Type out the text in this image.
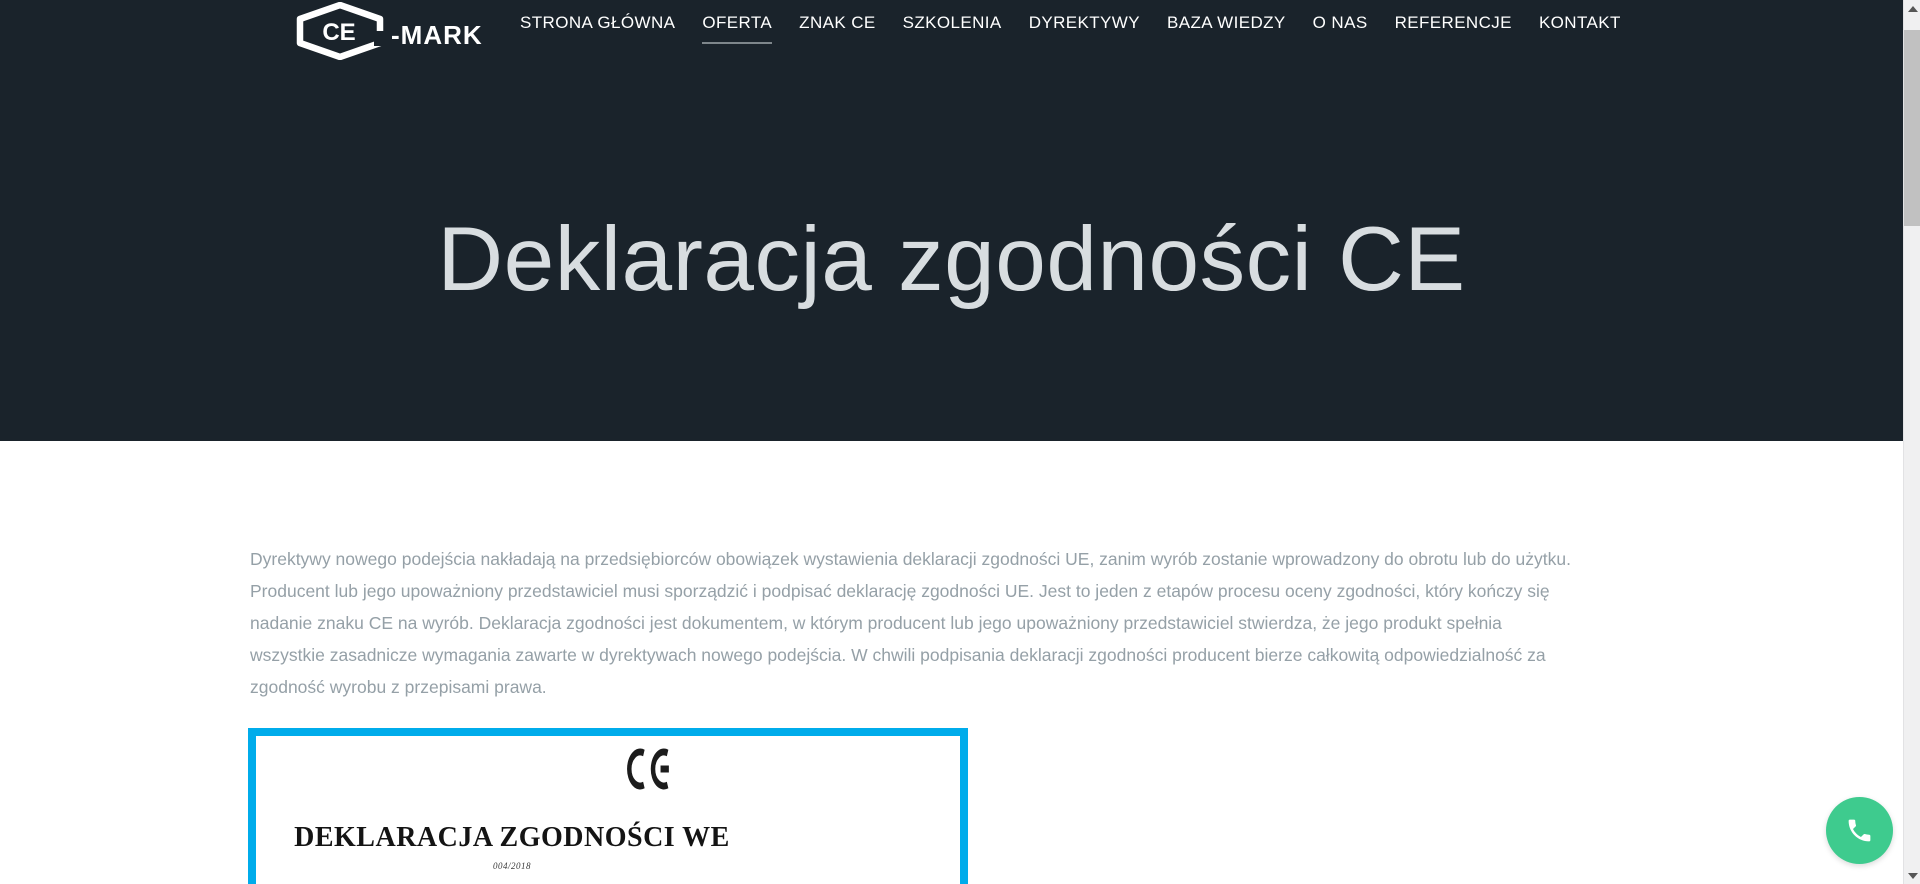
CE -MARK STRONA GŁÓWNA OFERTA ZNAK CE SZKOLENIA DYREKTYWY BAZA WIEDZY O NAS REFERENCJE KONTAKT
Deklaracja zgodności CE
Dyrektywy nowego podejścia nakładają na przedsiębiorców obowiązek wystawienia deklaracji zgodności UE, zanim wyrób zostanie wprowadzony do obrotu lub do użytku.
Producent lub jego upoważniony przedstawiciel musi sporządzić i podpisać deklarację zgodności UE. Jest to jeden z etapów procesu oceny zgodności, który kończy się
nadanie znaku CE na wyrób. Deklaracja zgodności jest dokumentem, w którym producent lub jego upoważniony przedstawiciel stwierdza, że jego produkt spełnia
wszystkie zasadnicze wymagania zawarte w dyrektywach nowego podejścia. W chwili podpisania deklaracji zgodności producent bierze całkowitą odpowiedzialność za
zgodność wyrobu z przepisami prawa.
DEKLARACJA ZGODNOŚCI WE
004/2018
